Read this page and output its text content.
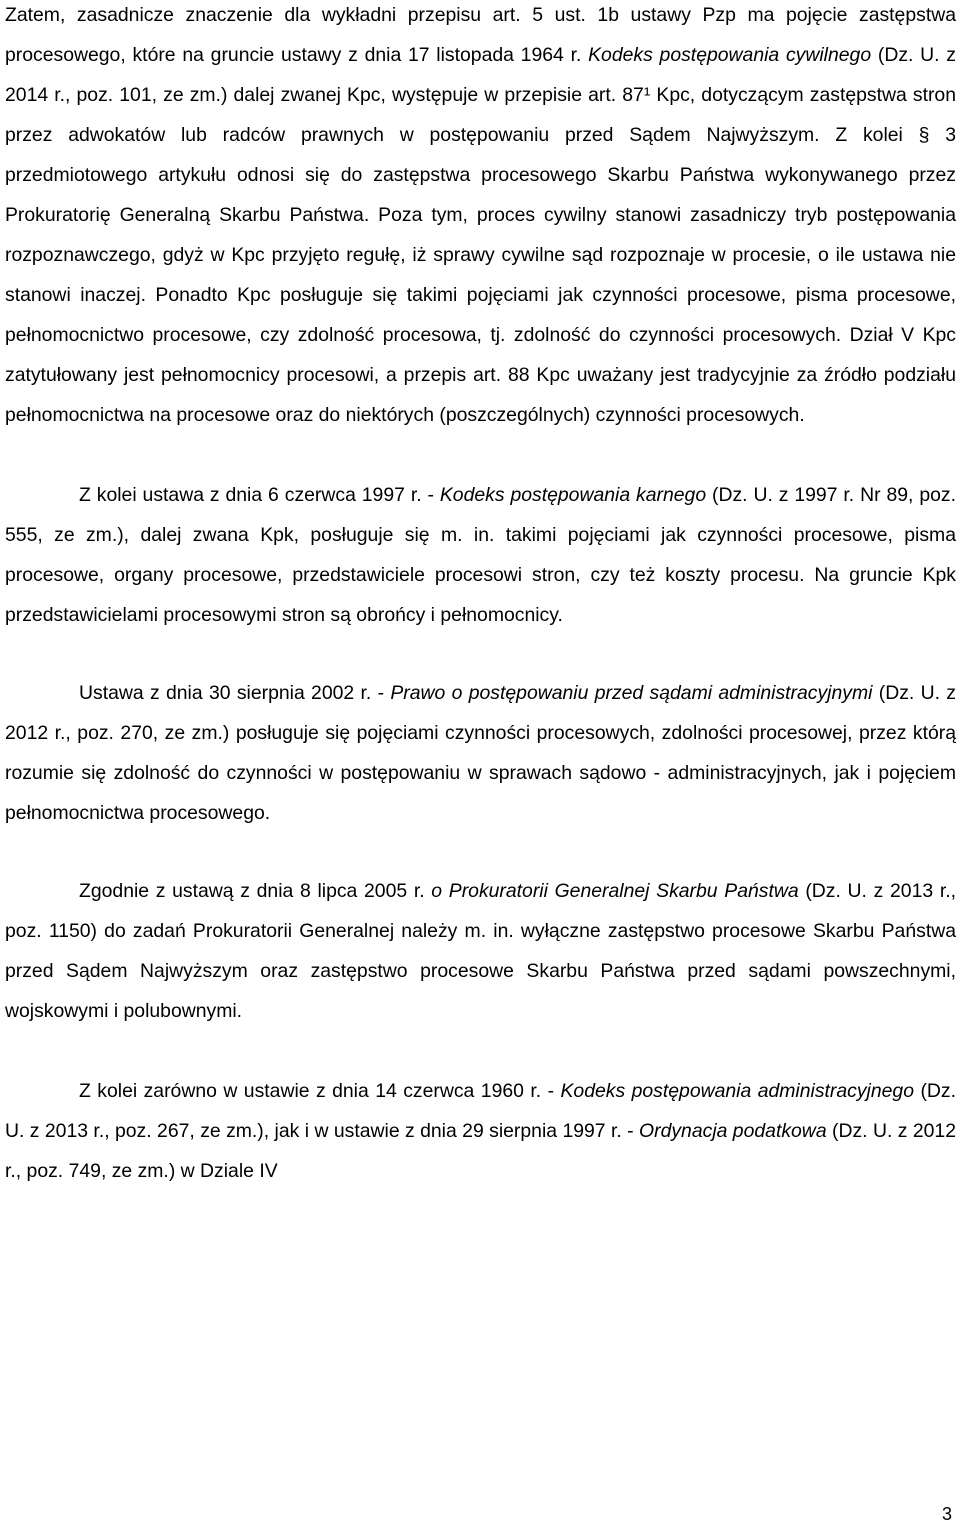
Zatem, zasadnicze znaczenie dla wykładni przepisu art. 5 ust. 1b ustawy Pzp ma pojęcie zastępstwa procesowego, które na gruncie ustawy z dnia 17 listopada 1964 r. Kodeks postępowania cywilnego (Dz. U. z 2014 r., poz. 101, ze zm.) dalej zwanej Kpc, występuje w przepisie art. 87¹ Kpc, dotyczącym zastępstwa stron przez adwokatów lub radców prawnych w postępowaniu przed Sądem Najwyższym. Z kolei § 3 przedmiotowego artykułu odnosi się do zastępstwa procesowego Skarbu Państwa wykonywanego przez Prokuratorię Generalną Skarbu Państwa. Poza tym, proces cywilny stanowi zasadniczy tryb postępowania rozpoznawczego, gdyż w Kpc przyjęto regułę, iż sprawy cywilne sąd rozpoznaje w procesie, o ile ustawa nie stanowi inaczej. Ponadto Kpc posługuje się takimi pojęciami jak czynności procesowe, pisma procesowe, pełnomocnictwo procesowe, czy zdolność procesowa, tj. zdolność do czynności procesowych. Dział V Kpc zatytułowany jest pełnomocnicy procesowi, a przepis art. 88 Kpc uważany jest tradycyjnie za źródło podziału pełnomocnictwa na procesowe oraz do niektórych (poszczególnych) czynności procesowych.

Z kolei ustawa z dnia 6 czerwca 1997 r. - Kodeks postępowania karnego (Dz. U. z 1997 r. Nr 89, poz. 555, ze zm.), dalej zwana Kpk, posługuje się m. in. takimi pojęciami jak czynności procesowe, pisma procesowe, organy procesowe, przedstawiciele procesowi stron, czy też koszty procesu. Na gruncie Kpk przedstawicielami procesowymi stron są obrońcy i pełnomocnicy.

Ustawa z dnia 30 sierpnia 2002 r. - Prawo o postępowaniu przed sądami administracyjnymi (Dz. U. z 2012 r., poz. 270, ze zm.) posługuje się pojęciami czynności procesowych, zdolności procesowej, przez którą rozumie się zdolność do czynności w postępowaniu w sprawach sądowo - administracyjnych, jak i pojęciem pełnomocnictwa procesowego.

Zgodnie z ustawą z dnia 8 lipca 2005 r. o Prokuratorii Generalnej Skarbu Państwa (Dz. U. z 2013 r., poz. 1150) do zadań Prokuratorii Generalnej należy m. in. wyłączne zastępstwo procesowe Skarbu Państwa przed Sądem Najwyższym oraz zastępstwo procesowe Skarbu Państwa przed sądami powszechnymi, wojskowymi i polubownymi.

Z kolei zarówno w ustawie z dnia 14 czerwca 1960 r. - Kodeks postępowania administracyjnego (Dz. U. z 2013 r., poz. 267, ze zm.), jak i w ustawie z dnia 29 sierpnia 1997 r. - Ordynacja podatkowa (Dz. U. z 2012 r., poz. 749, ze zm.) w Dziale IV

3
